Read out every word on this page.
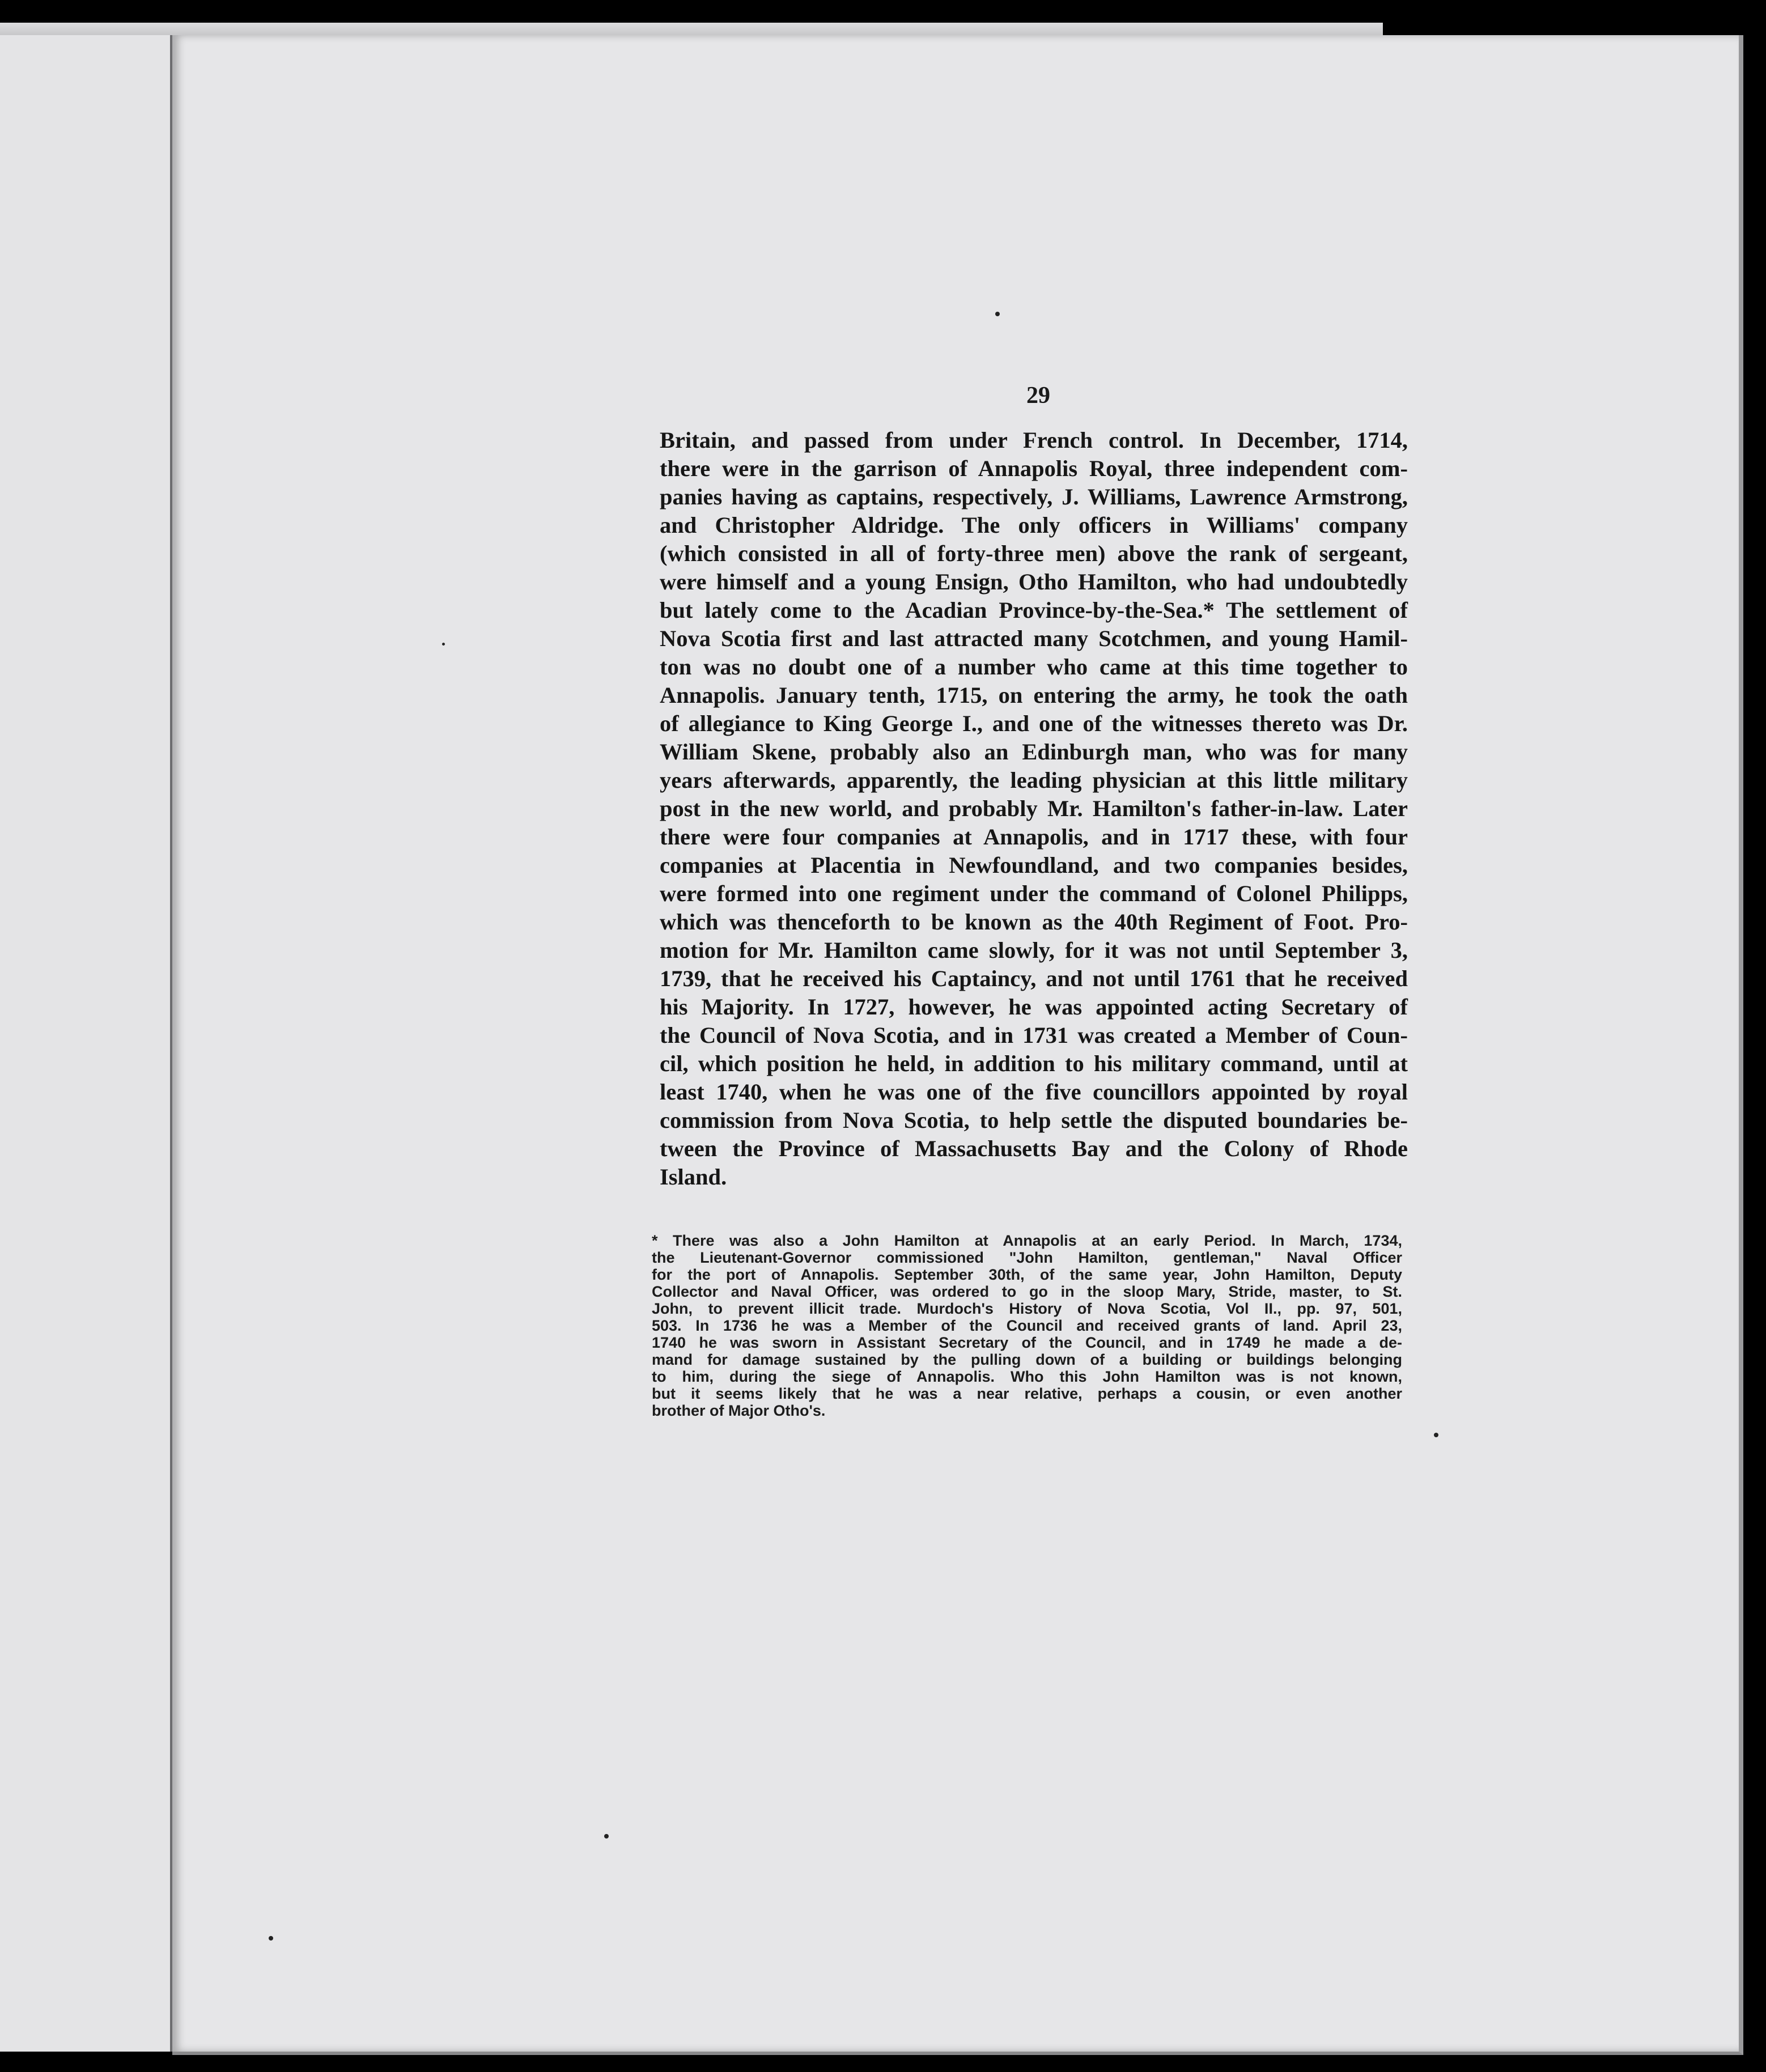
29
Britain, and passed from under French control. In December, 1714,
there were in the garrison of Annapolis Royal, three independent com-
panies having as captains, respectively, J. Williams, Lawrence Armstrong,
and Christopher Aldridge. The only officers in Williams' company
(which consisted in all of forty-three men) above the rank of sergeant,
were himself and a young Ensign, Otho Hamilton, who had undoubtedly
but lately come to the Acadian Province-by-the-Sea.* The settlement of
Nova Scotia first and last attracted many Scotchmen, and young Hamil-
ton was no doubt one of a number who came at this time together to
Annapolis. January tenth, 1715, on entering the army, he took the oath
of allegiance to King George I., and one of the witnesses thereto was Dr.
William Skene, probably also an Edinburgh man, who was for many
years afterwards, apparently, the leading physician at this little military
post in the new world, and probably Mr. Hamilton's father-in-law. Later
there were four companies at Annapolis, and in 1717 these, with four
companies at Placentia in Newfoundland, and two companies besides,
were formed into one regiment under the command of Colonel Philipps,
which was thenceforth to be known as the 40th Regiment of Foot. Pro-
motion for Mr. Hamilton came slowly, for it was not until September 3,
1739, that he received his Captaincy, and not until 1761 that he received
his Majority. In 1727, however, he was appointed acting Secretary of
the Council of Nova Scotia, and in 1731 was created a Member of Coun-
cil, which position he held, in addition to his military command, until at
least 1740, when he was one of the five councillors appointed by royal
commission from Nova Scotia, to help settle the disputed boundaries be-
tween the Province of Massachusetts Bay and the Colony of Rhode
Island.
* There was also a John Hamilton at Annapolis at an early Period. In March, 1734,
the Lieutenant-Governor commissioned "John Hamilton, gentleman," Naval Officer
for the port of Annapolis. September 30th, of the same year, John Hamilton, Deputy
Collector and Naval Officer, was ordered to go in the sloop Mary, Stride, master, to St.
John, to prevent illicit trade. Murdoch's History of Nova Scotia, Vol II., pp. 97, 501,
503. In 1736 he was a Member of the Council and received grants of land. April 23,
1740 he was sworn in Assistant Secretary of the Council, and in 1749 he made a de-
mand for damage sustained by the pulling down of a building or buildings belonging
to him, during the siege of Annapolis. Who this John Hamilton was is not known,
but it seems likely that he was a near relative, perhaps a cousin, or even another
brother of Major Otho's.
